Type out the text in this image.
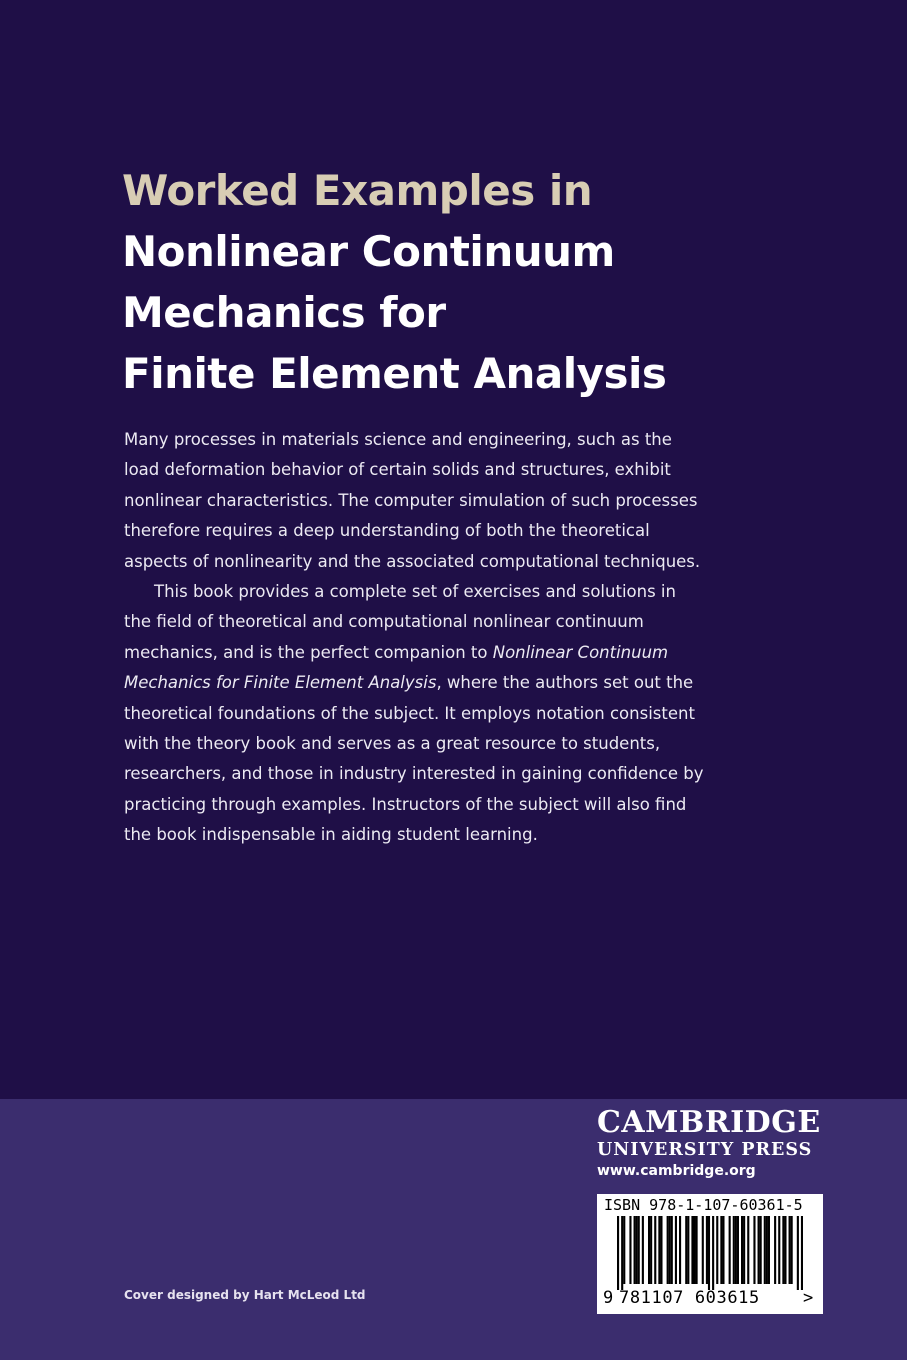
Worked Examples in
Nonlinear Continuum
Mechanics for
Finite Element Analysis

Many processes in materials science and engineering, such as the load deformation behavior of certain solids and structures, exhibit nonlinear characteristics. The computer simulation of such processes therefore requires a deep understanding of both the theoretical aspects of nonlinearity and the associated computational techniques.

This book provides a complete set of exercises and solutions in the field of theoretical and computational nonlinear continuum mechanics, and is the perfect companion to Nonlinear Continuum Mechanics for Finite Element Analysis, where the authors set out the theoretical foundations of the subject. It employs notation consistent with the theory book and serves as a great resource to students, researchers, and those in industry interested in gaining confidence by practicing through examples. Instructors of the subject will also find the book indispensable in aiding student learning.

Cover designed by Hart McLeod Ltd
CAMBRIDGE
UNIVERSITY PRESS
www.cambridge.org
ISBN 978-1-107-60361-5
9 781107 603615	>
